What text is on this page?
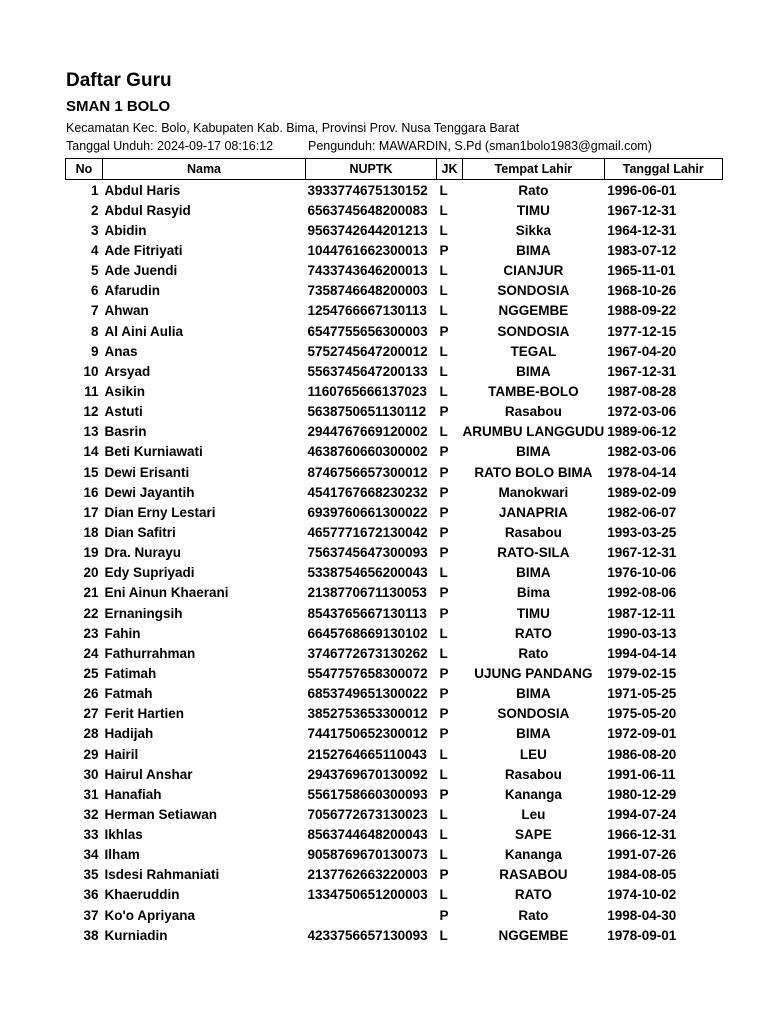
Daftar Guru
SMAN 1 BOLO
Kecamatan Kec. Bolo, Kabupaten Kab. Bima, Provinsi Prov. Nusa Tenggara Barat
Tanggal Unduh: 2024-09-17 08:16:12	Pengunduh: MAWARDIN, S.Pd (sman1bolo1983@gmail.com)
No	Nama	NUPTK	JK	Tempat Lahir	Tanggal Lahir
1	Abdul Haris	3933774675130152	L	Rato	1996-06-01
2	Abdul Rasyid	6563745648200083	L	TIMU	1967-12-31
3	Abidin	9563742644201213	L	Sikka	1964-12-31
4	Ade Fitriyati	1044761662300013	P	BIMA	1983-07-12
5	Ade Juendi	7433743646200013	L	CIANJUR	1965-11-01
6	Afarudin	7358746648200003	L	SONDOSIA	1968-10-26
7	Ahwan	1254766667130113	L	NGGEMBE	1988-09-22
8	Al Aini Aulia	6547755656300003	P	SONDOSIA	1977-12-15
9	Anas	5752745647200012	L	TEGAL	1967-04-20
10	Arsyad	5563745647200133	L	BIMA	1967-12-31
11	Asikin	1160765666137023	L	TAMBE-BOLO	1987-08-28
12	Astuti	5638750651130112	P	Rasabou	1972-03-06
13	Basrin	2944767669120002	L	ARUMBU LANGGUDU	1989-06-12
14	Beti Kurniawati	4638760660300002	P	BIMA	1982-03-06
15	Dewi Erisanti	8746756657300012	P	RATO BOLO BIMA	1978-04-14
16	Dewi Jayantih	4541767668230232	P	Manokwari	1989-02-09
17	Dian Erny Lestari	6939760661300022	P	JANAPRIA	1982-06-07
18	Dian Safitri	4657771672130042	P	Rasabou	1993-03-25
19	Dra. Nurayu	7563745647300093	P	RATO-SILA	1967-12-31
20	Edy Supriyadi	5338754656200043	L	BIMA	1976-10-06
21	Eni Ainun Khaerani	2138770671130053	P	Bima	1992-08-06
22	Ernaningsih	8543765667130113	P	TIMU	1987-12-11
23	Fahin	6645768669130102	L	RATO	1990-03-13
24	Fathurrahman	3746772673130262	L	Rato	1994-04-14
25	Fatimah	5547757658300072	P	UJUNG PANDANG	1979-02-15
26	Fatmah	6853749651300022	P	BIMA	1971-05-25
27	Ferit Hartien	3852753653300012	P	SONDOSIA	1975-05-20
28	Hadijah	7441750652300012	P	BIMA	1972-09-01
29	Hairil	2152764665110043	L	LEU	1986-08-20
30	Hairul Anshar	2943769670130092	L	Rasabou	1991-06-11
31	Hanafiah	5561758660300093	P	Kananga	1980-12-29
32	Herman Setiawan	7056772673130023	L	Leu	1994-07-24
33	Ikhlas	8563744648200043	L	SAPE	1966-12-31
34	Ilham	9058769670130073	L	Kananga	1991-07-26
35	Isdesi Rahmaniati	2137762663220003	P	RASABOU	1984-08-05
36	Khaeruddin	1334750651200003	L	RATO	1974-10-02
37	Ko'o Apriyana		P	Rato	1998-04-30
38	Kurniadin	4233756657130093	L	NGGEMBE	1978-09-01
